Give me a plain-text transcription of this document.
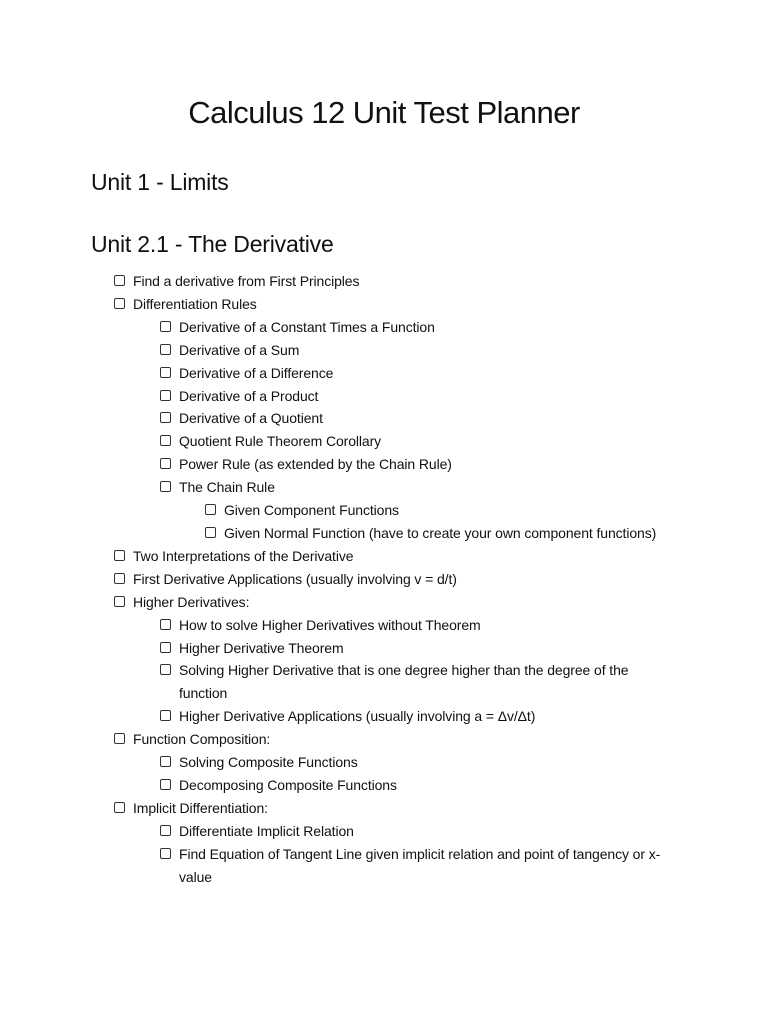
Calculus 12 Unit Test Planner
Unit 1 - Limits
Unit 2.1 - The Derivative
Find a derivative from First Principles
Differentiation Rules
Derivative of a Constant Times a Function
Derivative of a Sum
Derivative of a Difference
Derivative of a Product
Derivative of a Quotient
Quotient Rule Theorem Corollary
Power Rule (as extended by the Chain Rule)
The Chain Rule
Given Component Functions
Given Normal Function (have to create your own component functions)
Two Interpretations of the Derivative
First Derivative Applications (usually involving v = d/t)
Higher Derivatives:
How to solve Higher Derivatives without Theorem
Higher Derivative Theorem
Solving Higher Derivative that is one degree higher than the degree of the function
Higher Derivative Applications (usually involving a = Δv/Δt)
Function Composition:
Solving Composite Functions
Decomposing Composite Functions
Implicit Differentiation:
Differentiate Implicit Relation
Find Equation of Tangent Line given implicit relation and point of tangency or x-value
